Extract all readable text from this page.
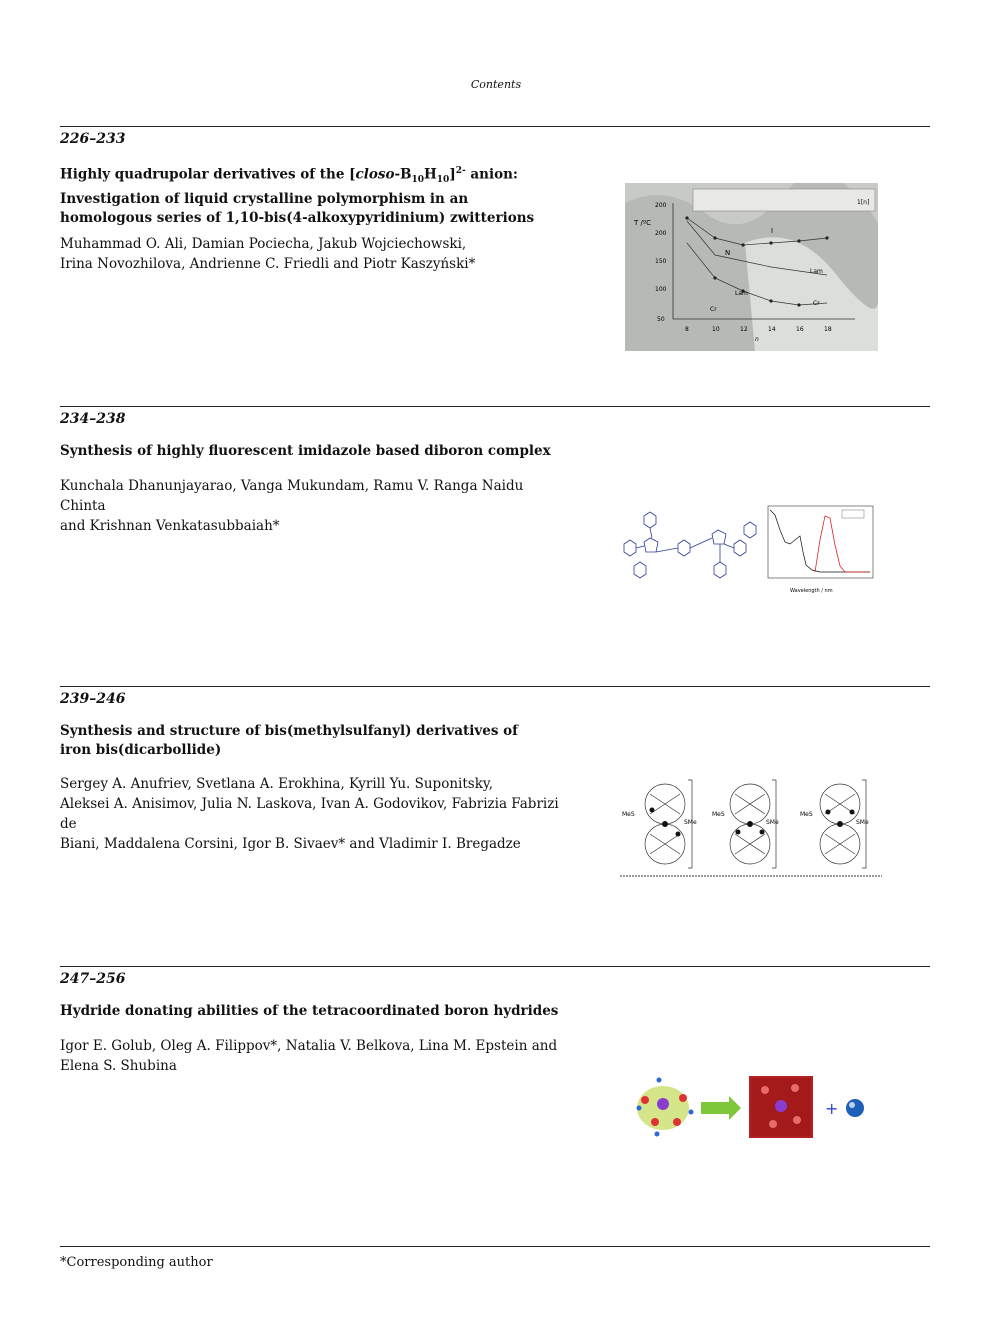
Contents
226–233
Highly quadrupolar derivatives of the $[closo-B_{10}H_{10}]^{2-}$ anion: Investigation of liquid crystalline polymorphism in an homologous series of 1,10-bis(4-alkoxypyridinium) zwitterions
Muhammad O. Ali, Damian Pociecha, Jakub Wojciechowski,
Irina Novozhilova, Andrienne C. Friedli and Piotr Kaszyński*
T /ºC
200
200
150
100
50
8	10	12	14	16	18
n
I
N
Lam
Lam
Cr
Cr
1[n]
234–238
Synthesis of highly fluorescent imidazole based diboron complex
Kunchala Dhanunjayarao, Vanga Mukundam, Ramu V. Ranga Naidu Chinta
and Krishnan Venkatasubbaiah*
Wavelength / nm
239–246
Synthesis and structure of bis(methylsulfanyl) derivatives of iron bis(dicarbollide)
Sergey A. Anufriev, Svetlana A. Erokhina, Kyrill Yu. Suponitsky,
Aleksei A. Anisimov, Julia N. Laskova, Ivan A. Godovikov, Fabrizia Fabrizi de
Biani, Maddalena Corsini, Igor B. Sivaev* and Vladimir I. Bregadze
MeS
SMe
MeS
SMe
MeS
SMe
247–256
Hydride donating abilities of the tetracoordinated boron hydrides
Igor E. Golub, Oleg A. Filippov*, Natalia V. Belkova, Lina M. Epstein and
Elena S. Shubina
+
*Corresponding author
